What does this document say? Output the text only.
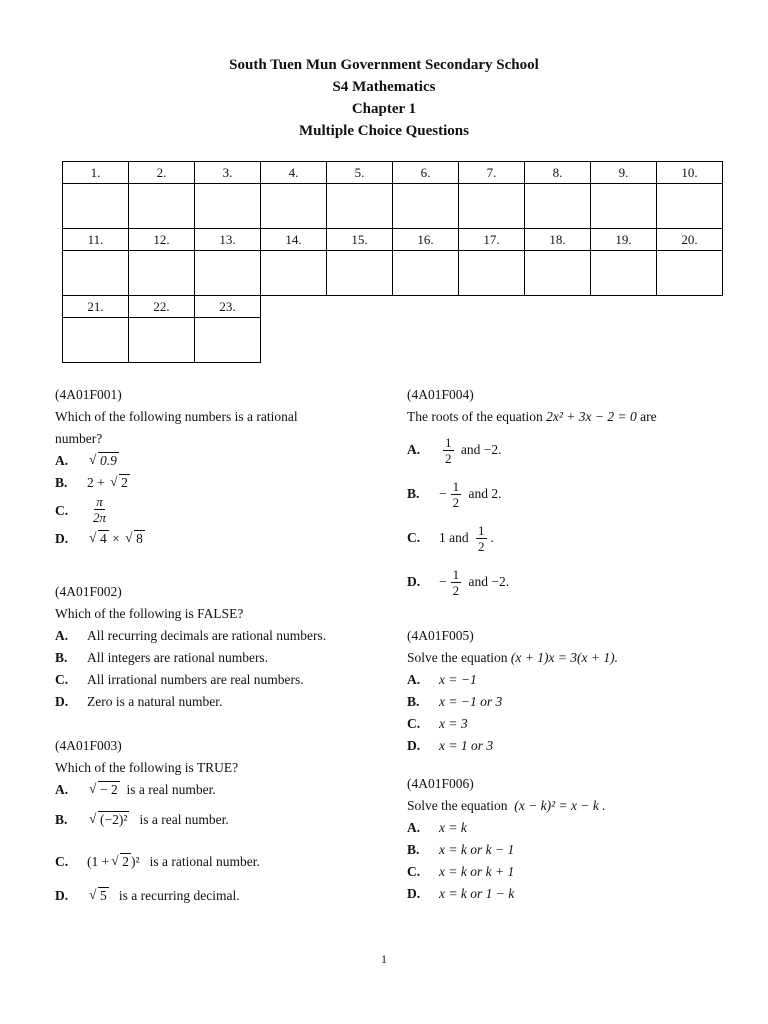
South Tuen Mun Government Secondary School
S4 Mathematics
Chapter 1
Multiple Choice Questions
1.	2.	3.	4.	5.	6.	7.	8.	9.	10.

11.	12.	13.	14.	15.	16.	17.	18.	19.	20.

21.	22.	23.							

(4A01F001)

Which of the following numbers is a rational

number?

A. √ 0.9
B. 2 + √ 2
C. $\frac{\pi}{2\pi}$
D. √ 4 × √ 8

(4A01F002)

Which of the following is FALSE?

A. All recurring decimals are rational numbers.
B. All integers are rational numbers.
C. All irrational numbers are real numbers.
D. Zero is a natural number.

(4A01F003)

Which of the following is TRUE?

A. √ − 2 is a real number.
B. √ (−2)² is a real number.
C. (1 + √ 2 )² is a rational number.
D. √ 5 is a recurring decimal.

(4A01F004)

The roots of the equation 2x² + 3x − 2 = 0 are

A. $\frac{1}{2}$ and −2.
B. − $\frac{1}{2}$ and 2.
C. 1 and $\frac{1}{2}$ .
D. − $\frac{1}{2}$ and −2.

(4A01F005)

Solve the equation (x + 1)x = 3(x + 1).

A. x = −1
B. x = −1 or 3
C. x = 3
D. x = 1 or 3

(4A01F006)

Solve the equation (x − k)² = x − k .

A. x = k
B. x = k or k − 1
C. x = k or k + 1
D. x = k or 1 − k
1
